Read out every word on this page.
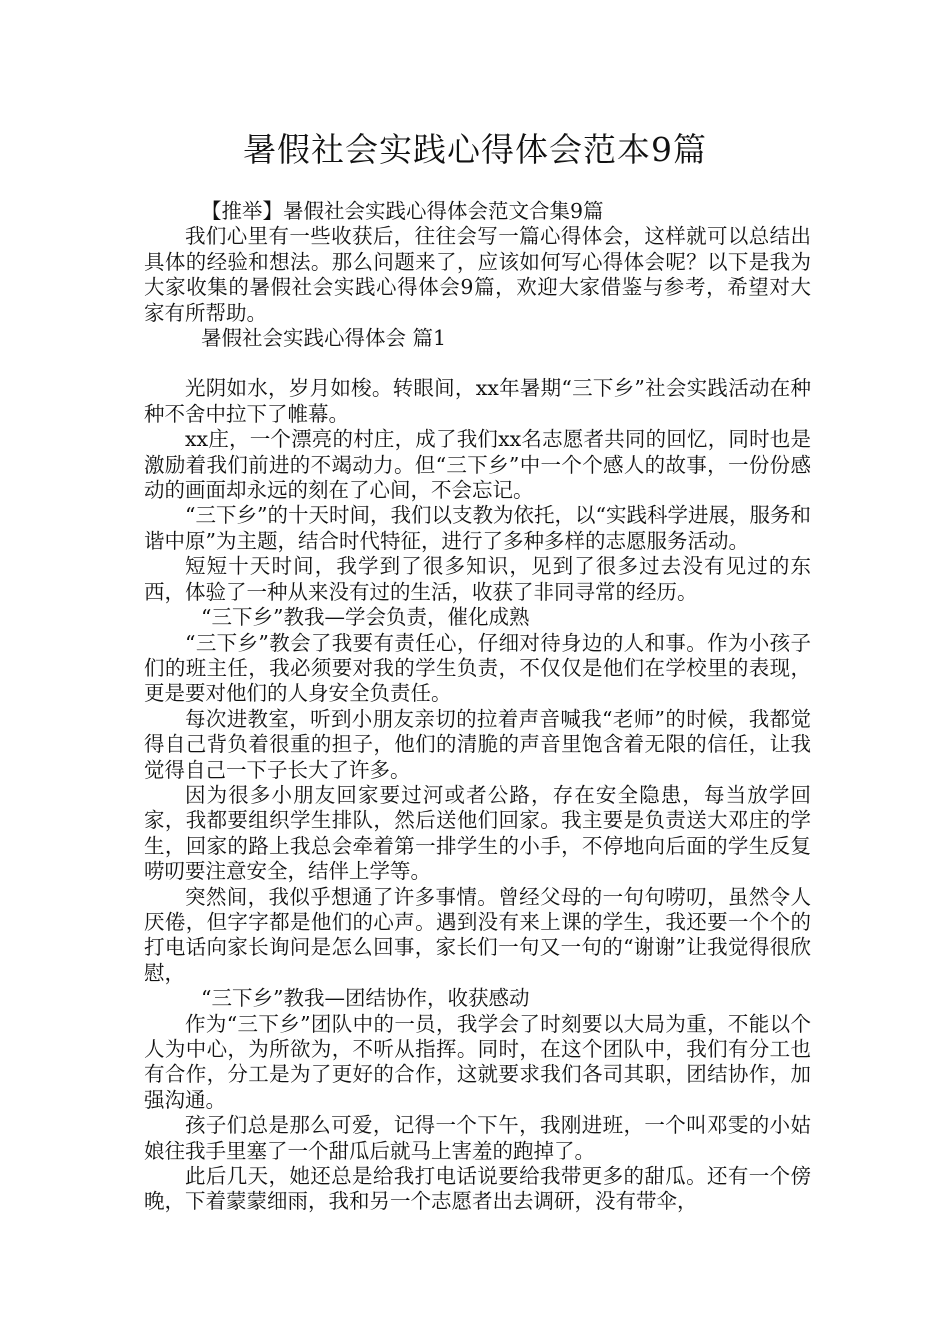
暑假社会实践心得体会范本9篇

【推举】暑假社会实践心得体会范文合集9篇

我们心里有一些收获后，往往会写一篇心得体会，这样就可以总结出具体的经验和想法。那么问题来了，应该如何写心得体会呢？以下是我为大家收集的暑假社会实践心得体会9篇，欢迎大家借鉴与参考，希望对大家有所帮助。

暑假社会实践心得体会 篇1

光阴如水，岁月如梭。转眼间，xx年暑期“三下乡”社会实践活动在种种不舍中拉下了帷幕。

xx庄，一个漂亮的村庄，成了我们xx名志愿者共同的回忆，同时也是激励着我们前进的不竭动力。但“三下乡”中一个个感人的故事，一份份感动的画面却永远的刻在了心间，不会忘记。

“三下乡”的十天时间，我们以支教为依托，以“实践科学进展，服务和谐中原”为主题，结合时代特征，进行了多种多样的志愿服务活动。

短短十天时间，我学到了很多知识，见到了很多过去没有见过的东西，体验了一种从来没有过的生活，收获了非同寻常的经历。

“三下乡”教我—学会负责，催化成熟

“三下乡”教会了我要有责任心，仔细对待身边的人和事。作为小孩子们的班主任，我必须要对我的学生负责，不仅仅是他们在学校里的表现，更是要对他们的人身安全负责任。

每次进教室，听到小朋友亲切的拉着声音喊我“老师”的时候，我都觉得自己背负着很重的担子，他们的清脆的声音里饱含着无限的信任，让我觉得自己一下子长大了许多。

因为很多小朋友回家要过河或者公路，存在安全隐患，每当放学回家，我都要组织学生排队，然后送他们回家。我主要是负责送大邓庄的学生，回家的路上我总会牵着第一排学生的小手，不停地向后面的学生反复唠叨要注意安全，结伴上学等。

突然间，我似乎想通了许多事情。曾经父母的一句句唠叨，虽然令人厌倦，但字字都是他们的心声。遇到没有来上课的学生，我还要一个个的打电话向家长询问是怎么回事，家长们一句又一句的“谢谢”让我觉得很欣慰，

“三下乡”教我—团结协作，收获感动

作为“三下乡”团队中的一员，我学会了时刻要以大局为重，不能以个人为中心，为所欲为，不听从指挥。同时，在这个团队中，我们有分工也有合作，分工是为了更好的合作，这就要求我们各司其职，团结协作，加强沟通。

孩子们总是那么可爱，记得一个下午，我刚进班，一个叫邓雯的小姑娘往我手里塞了一个甜瓜后就马上害羞的跑掉了。

此后几天，她还总是给我打电话说要给我带更多的甜瓜。还有一个傍晚，下着蒙蒙细雨，我和另一个志愿者出去调研，没有带伞，
